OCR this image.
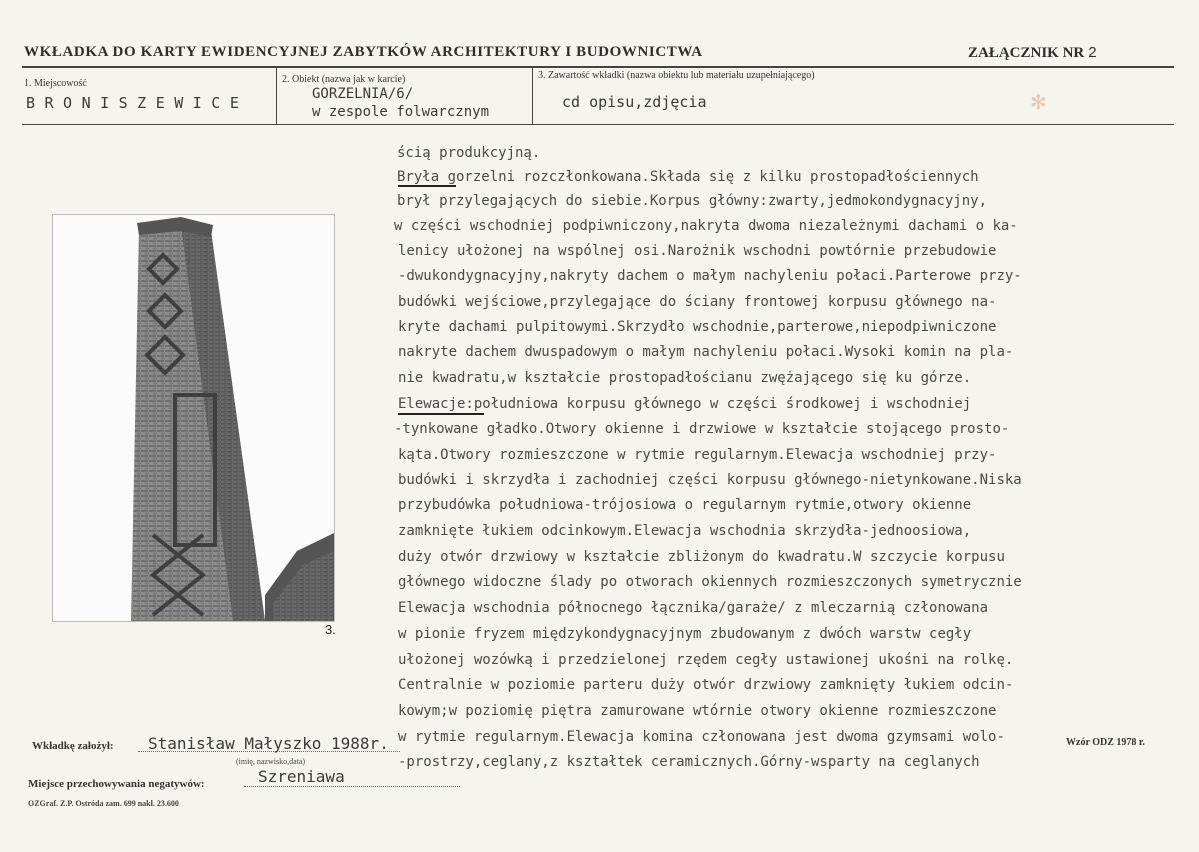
WKŁADKA DO KARTY EWIDENCYJNEJ ZABYTKÓW ARCHITEKTURY I BUDOWNICTWA	ZAŁĄCZNIK NR 2
1. Miejscowość
BRONISZEWICE
2. Obiekt (nazwa jak w karcie)
GORZELNIA/6/
w zespole folwarcznym
3. Zawartość wkładki (nazwa obiektu lub materiału uzupełniającego)
cd opisu,zdjęcia	✻
3.
ścią produkcyjną.
Bryła gorzelni rozczłonkowana.Składa się z kilku prostopadłościennych
brył przylegających do siebie.Korpus główny:zwarty,jedmokondygnacyjny,
w części wschodniej podpiwniczony,nakryta dwoma niezależnymi dachami o ka-
lenicy ułożonej na wspólnej osi.Narożnik wschodni powtórnie przebudowie
-dwukondygnacyjny,nakryty dachem o małym nachyleniu połaci.Parterowe przy-
budówki wejściowe,przylegające do ściany frontowej korpusu głównego na-
kryte dachami pulpitowymi.Skrzydło wschodnie,parterowe,niepodpiwniczone
nakryte dachem dwuspadowym o małym nachyleniu połaci.Wysoki komin na pla-
nie kwadratu,w kształcie prostopadłościanu zwężającego się ku górze.
Elewacje:południowa korpusu głównego w części środkowej i wschodniej
-tynkowane gładko.Otwory okienne i drzwiowe w kształcie stojącego prosto-
kąta.Otwory rozmieszczone w rytmie regularnym.Elewacja wschodniej przy-
budówki i skrzydła i zachodniej części korpusu głównego-nietynkowane.Niska
przybudówka południowa-trójosiowa o regularnym rytmie,otwory okienne
zamknięte łukiem odcinkowym.Elewacja wschodnia skrzydła-jednoosiowa,
duży otwór drzwiowy w kształcie zbliżonym do kwadratu.W szczycie korpusu
głównego widoczne ślady po otworach okiennych rozmieszczonych symetrycznie
Elewacja wschodnia północnego łącznika/garaże/ z mleczarnią członowana
w pionie fryzem międzykondygnacyjnym zbudowanym z dwóch warstw cegły
ułożonej wozówką i przedzielonej rzędem cegły ustawionej ukośni na rolkę.
Centralnie w poziomie parteru duży otwór drzwiowy zamknięty łukiem odcin-
kowym;w poziomię piętra zamurowane wtórnie otwory okienne rozmieszczone
w rytmie regularnym.Elewacja komina członowana jest dwoma gzymsami wolo-
-prostrzy,ceglany,z kształtek ceramicznych.Górny-wsparty na ceglanych
Wkładkę założył: Stanisław Małyszko 1988r.
(imię, nazwisko,data)
Miejsce przechowywania negatywów:	Szreniawa
Wzór ODZ 1978 r.
OZGraf. Z.P. Ostróda zam. 699 nakł. 23.600
